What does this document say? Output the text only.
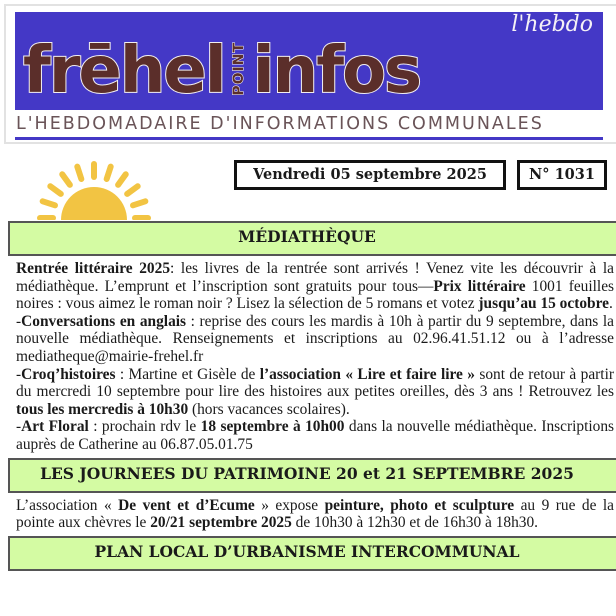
l'hebdo
frēhel POINT infos
L'HEBDOMADAIRE D'INFORMATIONS COMMUNALES
Vendredi 05 septembre 2025	N° 1031
MÉDIATHÈQUE

Rentrée littéraire 2025: les livres de la rentrée sont arrivés ! Venez vite les découvrir à la médiathèque. L’emprunt et l’inscription sont gratuits pour tous—Prix littéraire 1001 feuilles noires : vous aimez le roman noir ? Lisez la sélection de 5 romans et votez jusqu’au 15 octobre.

-Conversations en anglais : reprise des cours les mardis à 10h à partir du 9 septembre, dans la nouvelle médiathèque. Renseignements et inscriptions au 02.96.41.51.12 ou à l’adresse mediatheque@mairie-frehel.fr

-Croq’histoires : Martine et Gisèle de l’association « Lire et faire lire » sont de retour à partir du mercredi 10 septembre pour lire des histoires aux petites oreilles, dès 3 ans ! Retrouvez les tous les mercredis à 10h30 (hors vacances scolaires).

-Art Floral : prochain rdv le 18 septembre à 10h00 dans la nouvelle médiathèque. Inscriptions auprès de Catherine au 06.87.05.01.75

LES JOURNEES DU PATRIMOINE 20 et 21 SEPTEMBRE 2025

L’association « De vent et d’Ecume » expose peinture, photo et sculpture au 9 rue de la pointe aux chèvres le 20/21 septembre 2025 de 10h30 à 12h30 et de 16h30 à 18h30.

PLAN LOCAL D’URBANISME INTERCOMMUNAL
